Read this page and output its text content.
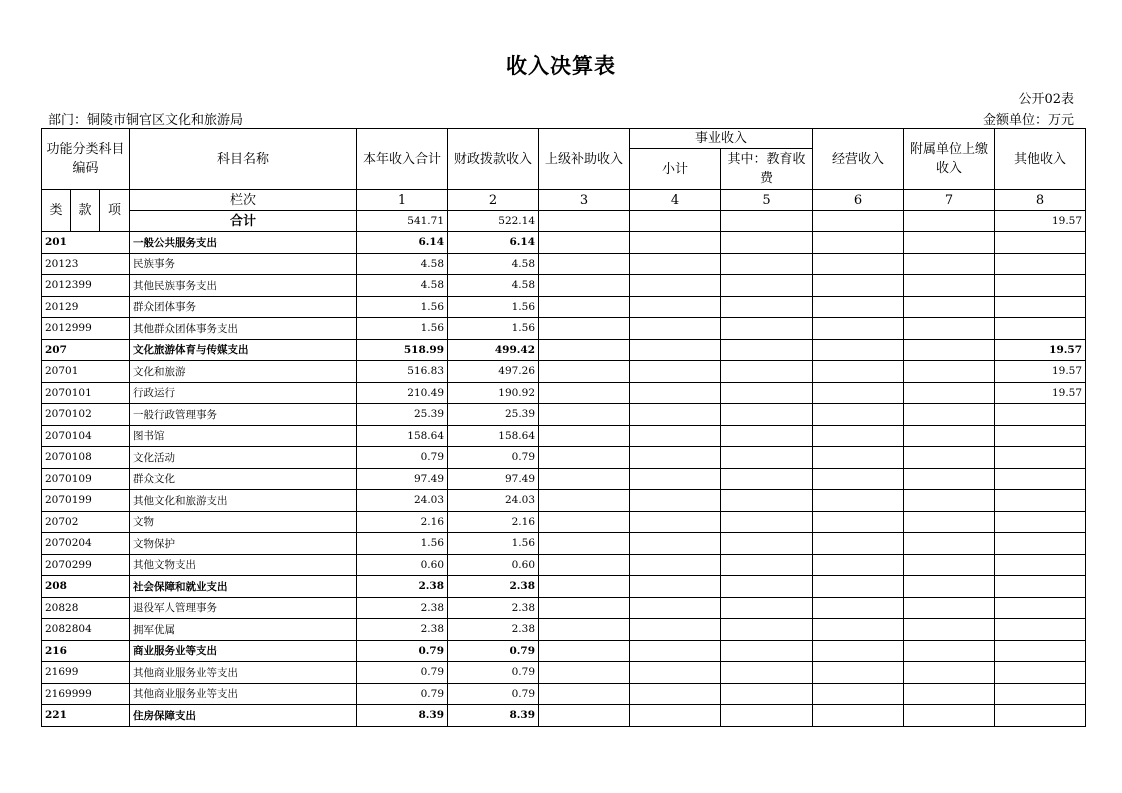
收入决算表
公开02表
部门：铜陵市铜官区文化和旅游局	金额单位：万元
功能分类科目编码			科目名称	本年收入合计	财政拨款收入	上级补助收入	事业收入		经营收入	附属单位上缴收入	其他收入
							小计	其中：教育收费			
类	款	项	栏次	1	2	3	4	5	6	7	8
			合计	541.71	522.14						19.57
201			一般公共服务支出	6.14	6.14						
20123			民族事务	4.58	4.58						
2012399			其他民族事务支出	4.58	4.58						
20129			群众团体事务	1.56	1.56						
2012999			其他群众团体事务支出	1.56	1.56						
207			文化旅游体育与传媒支出	518.99	499.42						19.57
20701			文化和旅游	516.83	497.26						19.57
2070101			行政运行	210.49	190.92						19.57
2070102			一般行政管理事务	25.39	25.39						
2070104			图书馆	158.64	158.64						
2070108			文化活动	0.79	0.79						
2070109			群众文化	97.49	97.49						
2070199			其他文化和旅游支出	24.03	24.03						
20702			文物	2.16	2.16						
2070204			文物保护	1.56	1.56						
2070299			其他文物支出	0.60	0.60						
208			社会保障和就业支出	2.38	2.38						
20828			退役军人管理事务	2.38	2.38						
2082804			拥军优属	2.38	2.38						
216			商业服务业等支出	0.79	0.79						
21699			其他商业服务业等支出	0.79	0.79						
2169999			其他商业服务业等支出	0.79	0.79						
221			住房保障支出	8.39	8.39						
